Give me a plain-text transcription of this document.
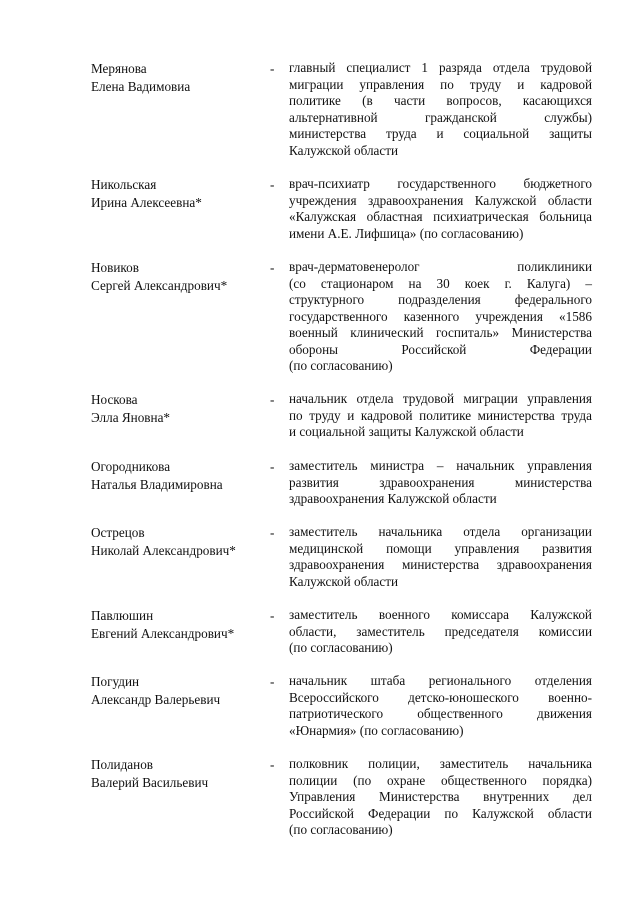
Мерянова
Елена Вадимовиа
- главный специалист 1 разряда отдела трудовой
миграции управления по труду и кадровой
политике (в части вопросов, касающихся
альтернативной гражданской службы)
министерства труда и социальной защиты
Калужской области
Никольская
Ирина Алексеевна*
- врач-психиатр государственного бюджетного
учреждения здравоохранения Калужской области
«Калужская областная психиатрическая больница
имени А.Е. Лифшица» (по согласованию)
Новиков
Сергей Александрович*
- врач-дерматовенеролог поликлиники
(со стационаром на 30 коек г. Калуга) –
структурного подразделения федерального
государственного казенного учреждения «1586
военный клинический госпиталь» Министерства
обороны Российской Федерации
(по согласованию)
Носкова
Элла Яновна*
- начальник отдела трудовой миграции управления
по труду и кадровой политике министерства труда
и социальной защиты Калужской области
Огородникова
Наталья Владимировна
- заместитель министра – начальник управления
развития здравоохранения министерства
здравоохранения Калужской области
Острецов
Николай Александрович*
- заместитель начальника отдела организации
медицинской помощи управления развития
здравоохранения министерства здравоохранения
Калужской области
Павлюшин
Евгений Александрович*
- заместитель военного комиссара Калужской
области, заместитель председателя комиссии
(по согласованию)
Погудин
Александр Валерьевич
- начальник штаба регионального отделения
Всероссийского детско-юношеского военно-
патриотического общественного движения
«Юнармия» (по согласованию)
Полиданов
Валерий Васильевич
- полковник полиции, заместитель начальника
полиции (по охране общественного порядка)
Управления Министерства внутренних дел
Российской Федерации по Калужской области
(по согласованию)
